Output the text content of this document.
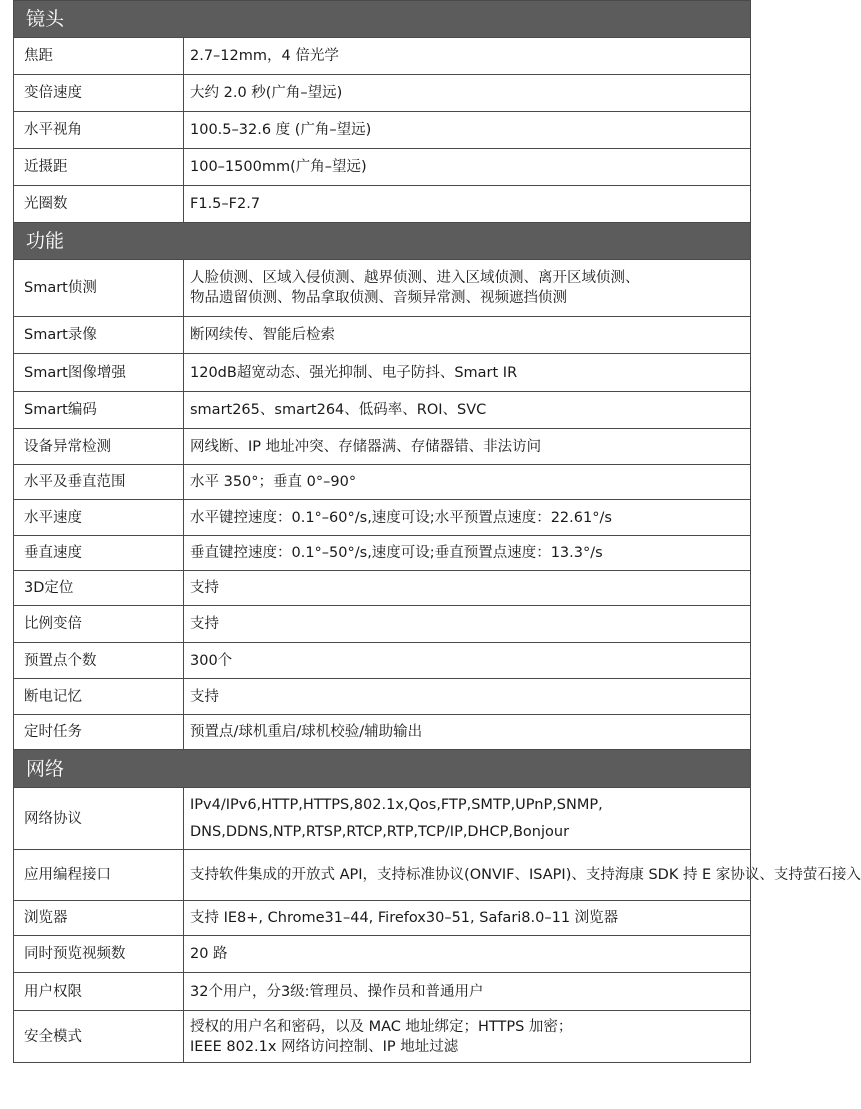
镜头	
焦距	2.7–12mm，4 倍光学
变倍速度	大约 2.0 秒(广角–望远)
水平视角	100.5–32.6 度 (广角–望远)
近摄距	100–1500mm(广角–望远)
光圈数	F1.5–F2.7
功能	
Smart侦测	人脸侦测、区域入侵侦测、越界侦测、进入区域侦测、离开区域侦测、
物品遗留侦测、物品拿取侦测、音频异常测、视频遮挡侦测
Smart录像	断网续传、智能后检索
Smart图像增强	120dB超宽动态、强光抑制、电子防抖、Smart IR
Smart编码	smart265、smart264、低码率、ROI、SVC
设备异常检测	网线断、IP 地址冲突、存储器满、存储器错、非法访问
水平及垂直范围	水平 350°；垂直 0°–90°
水平速度	水平键控速度：0.1°–60°/s,速度可设;水平预置点速度：22.61°/s
垂直速度	垂直键控速度：0.1°–50°/s,速度可设;垂直预置点速度：13.3°/s
3D定位	支持
比例变倍	支持
预置点个数	300个
断电记忆	支持
定时任务	预置点/球机重启/球机校验/辅助输出
网络	
网络协议	IPv4/IPv6,HTTP,HTTPS,802.1x,Qos,FTP,SMTP,UPnP,SNMP,
DNS,DDNS,NTP,RTSP,RTCP,RTP,TCP/IP,DHCP,Bonjour
应用编程接口	支持软件集成的开放式 API，支持标准协议(ONVIF、ISAPI)、支持海康 SDK 持 E 家协议、支持萤石接入
浏览器	支持 IE8+, Chrome31–44, Firefox30–51, Safari8.0–11 浏览器
同时预览视频数	20 路
用户权限	32个用户，分3级:管理员、操作员和普通用户
安全模式	授权的用户名和密码，以及 MAC 地址绑定；HTTPS 加密；
IEEE 802.1x 网络访问控制、IP 地址过滤
